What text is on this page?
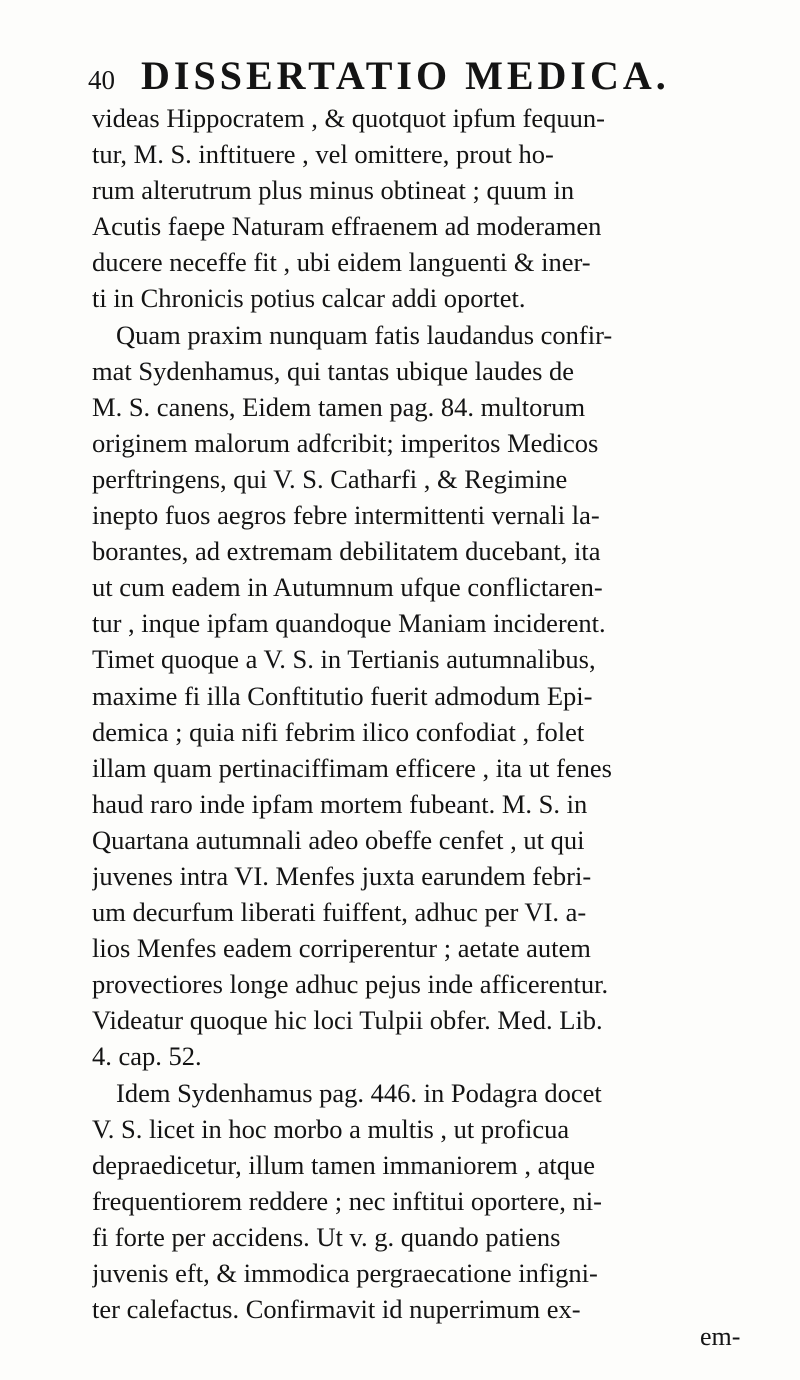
40 DISSERTATIO MEDICA.
videas Hippocratem , & quotquot ipfum fequun-
tur, M. S. inftituere , vel omittere, prout ho-
rum alterutrum plus minus obtineat ; quum in
Acutis faepe Naturam effraenem ad moderamen
ducere neceffe fit , ubi eidem languenti & iner-
ti in Chronicis potius calcar addi oportet.
Quam praxim nunquam fatis laudandus confir-
mat Sydenhamus, qui tantas ubique laudes de
M. S. canens, Eidem tamen pag. 84. multorum
originem malorum adfcribit; imperitos Medicos
perftringens, qui V. S. Catharfi , & Regimine
inepto fuos aegros febre intermittenti vernali la-
borantes, ad extremam debilitatem ducebant, ita
ut cum eadem in Autumnum ufque conflictaren-
tur , inque ipfam quandoque Maniam inciderent.
Timet quoque a V. S. in Tertianis autumnalibus,
maxime fi illa Conftitutio fuerit admodum Epi-
demica ; quia nifi febrim ilico confodiat , folet
illam quam pertinaciffimam efficere , ita ut fenes
haud raro inde ipfam mortem fubeant. M. S. in
Quartana autumnali adeo obeffe cenfet , ut qui
juvenes intra VI. Menfes juxta earundem febri-
um decurfum liberati fuiffent, adhuc per VI. a-
lios Menfes eadem corriperentur ; aetate autem
provectiores longe adhuc pejus inde afficerentur.
Videatur quoque hic loci Tulpii obfer. Med. Lib.
4. cap. 52.
Idem Sydenhamus pag. 446. in Podagra docet
V. S. licet in hoc morbo a multis , ut proficua
depraedicetur, illum tamen immaniorem , atque
frequentiorem reddere ; nec inftitui oportere, ni-
fi forte per accidens. Ut v. g. quando patiens
juvenis eft, & immodica pergraecatione infigni-
ter calefactus. Confirmavit id nuperrimum ex-
em-
